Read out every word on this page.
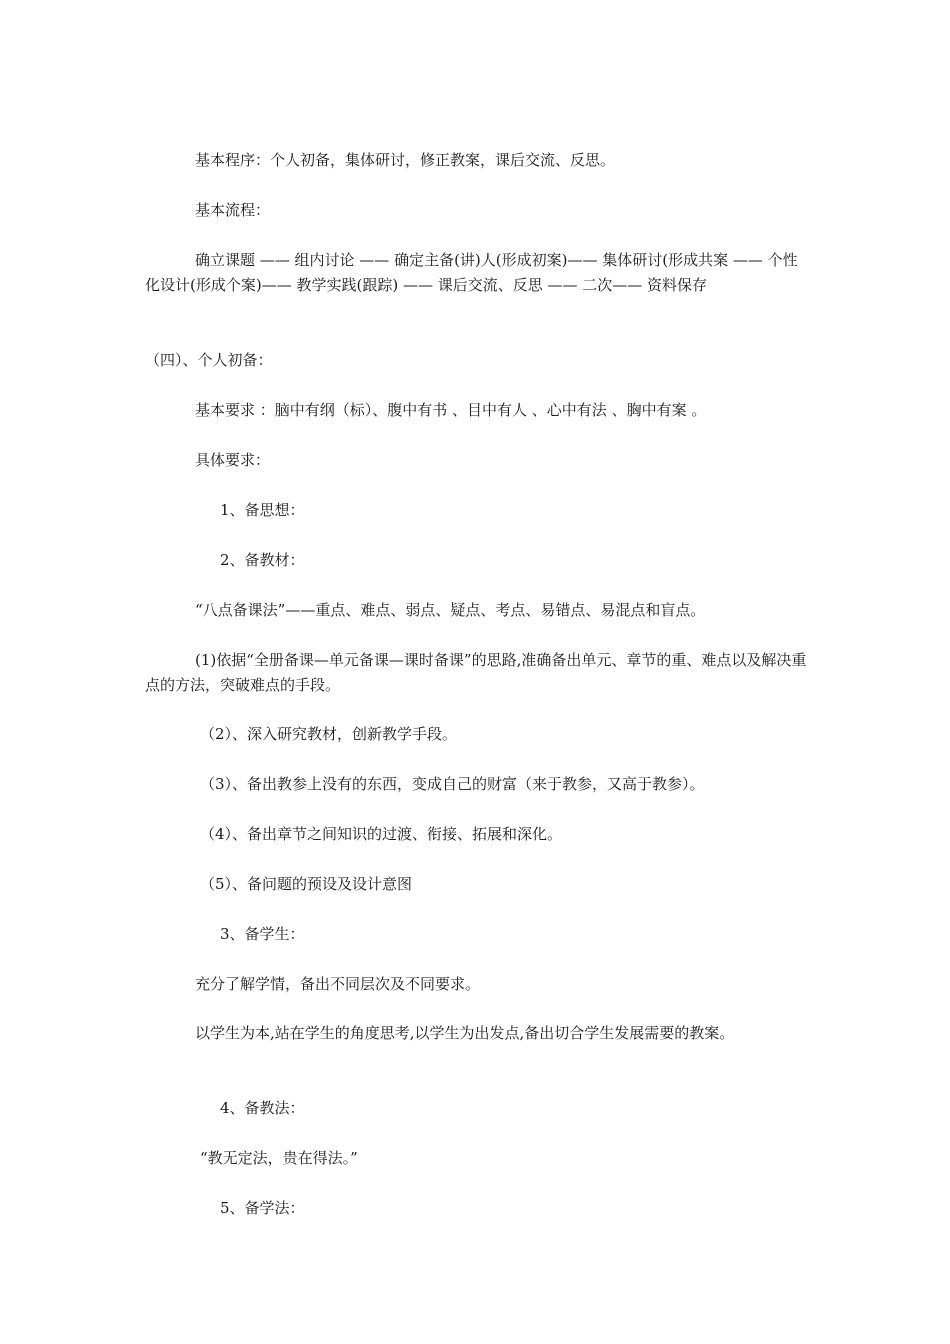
基本程序：个人初备，集体研讨，修正教案，课后交流、反思。

基本流程：

确立课题 —— 组内讨论 —— 确定主备(讲)人(形成初案)—— 集体研讨(形成共案 —— 个性化设计(形成个案)—— 教学实践(跟踪) —— 课后交流、反思 —— 二次—— 资料保存

（四）、个人初备：

基本要求 ：脑中有纲（标）、腹中有书 、目中有人 、心中有法 、胸中有案 。

具体要求：

1、备思想：

2、备教材：

“八点备课法”——重点、难点、弱点、疑点、考点、易错点、易混点和盲点。

(1)依据“全册备课—单元备课—课时备课”的思路,准确备出单元、章节的重、难点以及解决重点的方法，突破难点的手段。

（2）、深入研究教材，创新教学手段。

（3）、备出教参上没有的东西，变成自己的财富（来于教参，又高于教参）。

（4）、备出章节之间知识的过渡、衔接、拓展和深化。

（5）、备问题的预设及设计意图

3、备学生：

充分了解学情，备出不同层次及不同要求。

以学生为本,站在学生的角度思考,以学生为出发点,备出切合学生发展需要的教案。

4、备教法：

“教无定法，贵在得法。”

5、备学法：
